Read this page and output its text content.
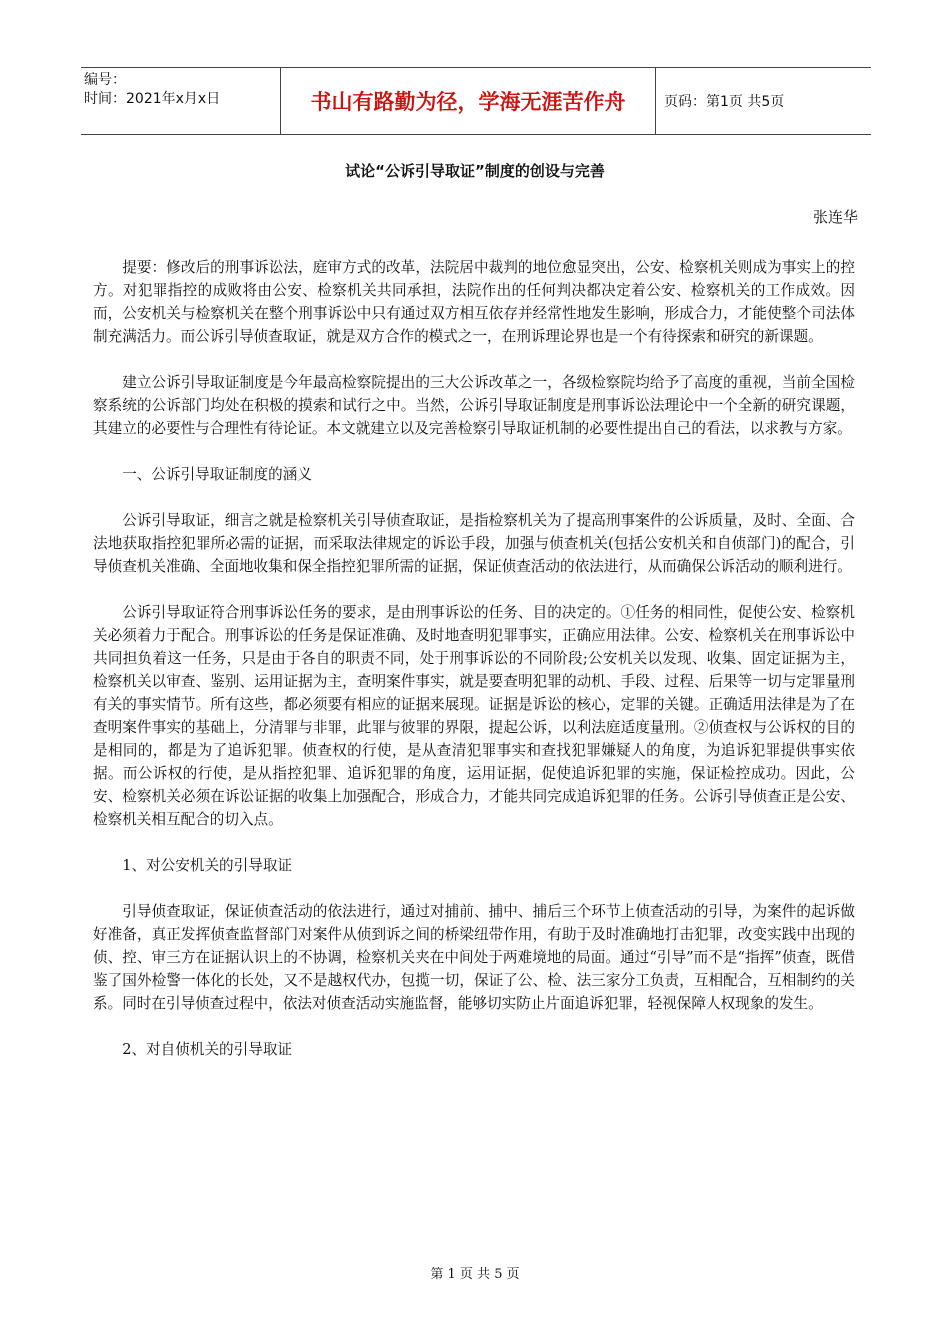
编号：
时间：2021年x月x日	书山有路勤为径，学海无涯苦作舟	页码：第1页 共5页
试论“公诉引导取证”制度的创设与完善
张连华

提要：修改后的刑事诉讼法，庭审方式的改革，法院居中裁判的地位愈显突出，公安、检察机关则成为事实上的控方。对犯罪指控的成败将由公安、检察机关共同承担，法院作出的任何判决都决定着公安、检察机关的工作成效。因而，公安机关与检察机关在整个刑事诉讼中只有通过双方相互依存并经常性地发生影响，形成合力，才能使整个司法体制充满活力。而公诉引导侦查取证，就是双方合作的模式之一，在刑诉理论界也是一个有待探索和研究的新课题。

建立公诉引导取证制度是今年最高检察院提出的三大公诉改革之一，各级检察院均给予了高度的重视，当前全国检察系统的公诉部门均处在积极的摸索和试行之中。当然，公诉引导取证制度是刑事诉讼法理论中一个全新的研究课题，其建立的必要性与合理性有待论证。本文就建立以及完善检察引导取证机制的必要性提出自己的看法，以求教与方家。

一、公诉引导取证制度的涵义

公诉引导取证，细言之就是检察机关引导侦查取证，是指检察机关为了提高刑事案件的公诉质量，及时、全面、合法地获取指控犯罪所必需的证据，而采取法律规定的诉讼手段，加强与侦查机关(包括公安机关和自侦部门)的配合，引导侦查机关准确、全面地收集和保全指控犯罪所需的证据，保证侦查活动的依法进行，从而确保公诉活动的顺利进行。

公诉引导取证符合刑事诉讼任务的要求，是由刑事诉讼的任务、目的决定的。①任务的相同性，促使公安、检察机关必须着力于配合。刑事诉讼的任务是保证准确、及时地查明犯罪事实，正确应用法律。公安、检察机关在刑事诉讼中共同担负着这一任务，只是由于各自的职责不同，处于刑事诉讼的不同阶段;公安机关以发现、收集、固定证据为主，检察机关以审查、鉴别、运用证据为主，查明案件事实，就是要查明犯罪的动机、手段、过程、后果等一切与定罪量刑有关的事实情节。所有这些，都必须要有相应的证据来展现。证据是诉讼的核心，定罪的关键。正确适用法律是为了在查明案件事实的基础上，分清罪与非罪，此罪与彼罪的界限，提起公诉，以利法庭适度量刑。②侦查权与公诉权的目的是相同的，都是为了追诉犯罪。侦查权的行使，是从查清犯罪事实和查找犯罪嫌疑人的角度，为追诉犯罪提供事实依据。而公诉权的行使，是从指控犯罪、追诉犯罪的角度，运用证据，促使追诉犯罪的实施，保证检控成功。因此，公安、检察机关必须在诉讼证据的收集上加强配合，形成合力，才能共同完成追诉犯罪的任务。公诉引导侦查正是公安、检察机关相互配合的切入点。

1、对公安机关的引导取证

引导侦查取证，保证侦查活动的依法进行，通过对捕前、捕中、捕后三个环节上侦查活动的引导，为案件的起诉做好准备，真正发挥侦查监督部门对案件从侦到诉之间的桥梁纽带作用，有助于及时准确地打击犯罪，改变实践中出现的侦、控、审三方在证据认识上的不协调，检察机关夹在中间处于两难境地的局面。通过“引导”而不是“指挥”侦查，既借鉴了国外检警一体化的长处，又不是越权代办，包揽一切，保证了公、检、法三家分工负责，互相配合，互相制约的关系。同时在引导侦查过程中，依法对侦查活动实施监督，能够切实防止片面追诉犯罪，轻视保障人权现象的发生。

2、对自侦机关的引导取证

第 1 页 共 5 页
